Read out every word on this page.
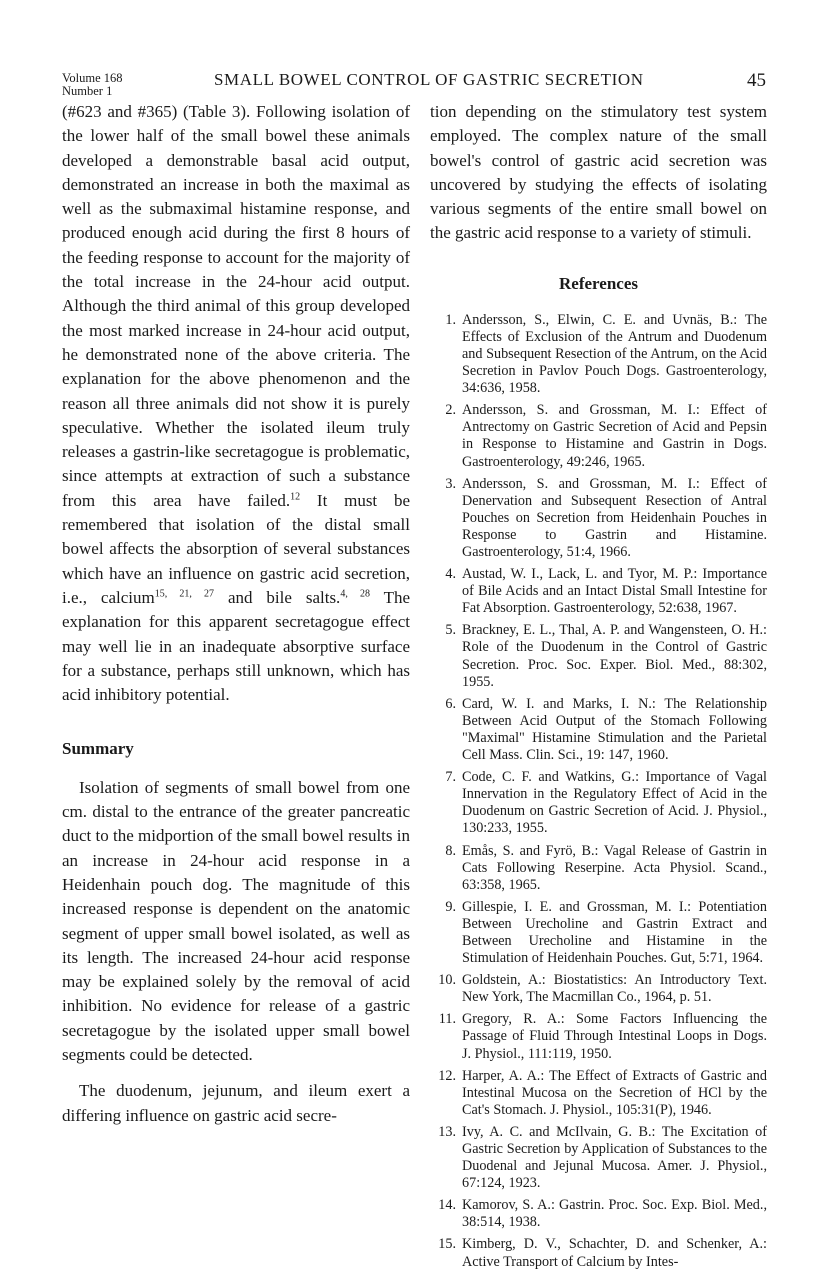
Volume 168
Number 1
SMALL BOWEL CONTROL OF GASTRIC SECRETION	45

(#623 and #365) (Table 3). Following isolation of the lower half of the small bowel these animals developed a demonstrable basal acid output, demonstrated an increase in both the maximal as well as the submaximal histamine response, and produced enough acid during the first 8 hours of the feeding response to account for the majority of the total increase in the 24-hour acid output. Although the third animal of this group developed the most marked increase in 24-hour acid output, he demonstrated none of the above criteria. The explanation for the above phenomenon and the reason all three animals did not show it is purely speculative. Whether the isolated ileum truly releases a gastrin-like secretagogue is problematic, since attempts at extraction of such a substance from this area have failed.$^{12}$ It must be remembered that isolation of the distal small bowel affects the absorption of several substances which have an influence on gastric acid secretion, i.e., calcium$^{15, 21, 27}$ and bile salts.$^{4, 28}$ The explanation for this apparent secretagogue effect may well lie in an inadequate absorptive surface for a substance, perhaps still unknown, which has acid inhibitory potential.

Summary

Isolation of segments of small bowel from one cm. distal to the entrance of the greater pancreatic duct to the midportion of the small bowel results in an increase in 24-hour acid response in a Heidenhain pouch dog. The magnitude of this increased response is dependent on the anatomic segment of upper small bowel isolated, as well as its length. The increased 24-hour acid response may be explained solely by the removal of acid inhibition. No evidence for release of a gastric secretagogue by the isolated upper small bowel segments could be detected.

The duodenum, jejunum, and ileum exert a differing influence on gastric acid secre-

tion depending on the stimulatory test system employed. The complex nature of the small bowel's control of gastric acid secretion was uncovered by studying the effects of isolating various segments of the entire small bowel on the gastric acid response to a variety of stimuli.

References

1. Andersson, S., Elwin, C. E. and Uvnäs, B.: The Effects of Exclusion of the Antrum and Duodenum and Subsequent Resection of the Antrum, on the Acid Secretion in Pavlov Pouch Dogs. Gastroenterology, 34:636, 1958.
2. Andersson, S. and Grossman, M. I.: Effect of Antrectomy on Gastric Secretion of Acid and Pepsin in Response to Histamine and Gastrin in Dogs. Gastroenterology, 49:246, 1965.
3. Andersson, S. and Grossman, M. I.: Effect of Denervation and Subsequent Resection of Antral Pouches on Secretion from Heidenhain Pouches in Response to Gastrin and Histamine. Gastroenterology, 51:4, 1966.
4. Austad, W. I., Lack, L. and Tyor, M. P.: Importance of Bile Acids and an Intact Distal Small Intestine for Fat Absorption. Gastroenterology, 52:638, 1967.
5. Brackney, E. L., Thal, A. P. and Wangensteen, O. H.: Role of the Duodenum in the Control of Gastric Secretion. Proc. Soc. Exper. Biol. Med., 88:302, 1955.
6. Card, W. I. and Marks, I. N.: The Relationship Between Acid Output of the Stomach Following "Maximal" Histamine Stimulation and the Parietal Cell Mass. Clin. Sci., 19: 147, 1960.
7. Code, C. F. and Watkins, G.: Importance of Vagal Innervation in the Regulatory Effect of Acid in the Duodenum on Gastric Secretion of Acid. J. Physiol., 130:233, 1955.
8. Emås, S. and Fyrö, B.: Vagal Release of Gastrin in Cats Following Reserpine. Acta Physiol. Scand., 63:358, 1965.
9. Gillespie, I. E. and Grossman, M. I.: Potentiation Between Urecholine and Gastrin Extract and Between Urecholine and Histamine in the Stimulation of Heidenhain Pouches. Gut, 5:71, 1964.
10. Goldstein, A.: Biostatistics: An Introductory Text. New York, The Macmillan Co., 1964, p. 51.
11. Gregory, R. A.: Some Factors Influencing the Passage of Fluid Through Intestinal Loops in Dogs. J. Physiol., 111:119, 1950.
12. Harper, A. A.: The Effect of Extracts of Gastric and Intestinal Mucosa on the Secretion of HCl by the Cat's Stomach. J. Physiol., 105:31(P), 1946.
13. Ivy, A. C. and McIlvain, G. B.: The Excitation of Gastric Secretion by Application of Substances to the Duodenal and Jejunal Mucosa. Amer. J. Physiol., 67:124, 1923.
14. Kamorov, S. A.: Gastrin. Proc. Soc. Exp. Biol. Med., 38:514, 1938.
15. Kimberg, D. V., Schachter, D. and Schenker, A.: Active Transport of Calcium by Intes-
